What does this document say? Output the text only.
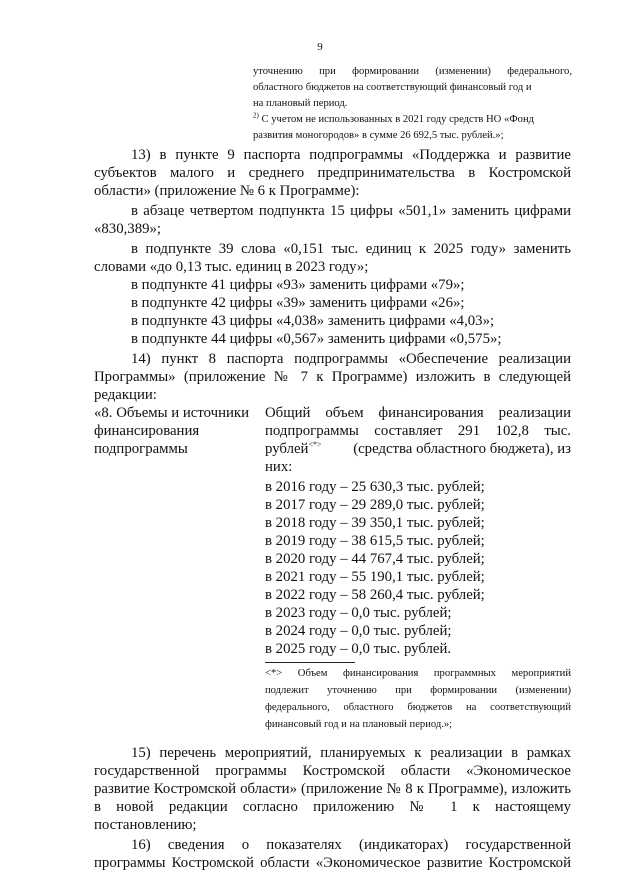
9
уточнению при формировании (изменении) федерального,
областного бюджетов на соответствующий финансовый год и
на плановый период.
$^{2)}$ С учетом не использованных в 2021 году средств НО «Фонд
развития моногородов» в сумме 26 692,5 тыс. рублей.»;
13) в пункте 9 паспорта подпрограммы «Поддержка и развитие
субъектов малого и среднего предпринимательства в Костромской
области» (приложение № 6 к Программе):
в абзаце четвертом подпункта 15 цифры «501,1» заменить цифрами
«830,389»;
в подпункте 39 слова «0,151 тыс. единиц к 2025 году» заменить
словами «до 0,13 тыс. единиц в 2023 году»;
в подпункте 41 цифры «93» заменить цифрами «79»;
в подпункте 42 цифры «39» заменить цифрами «26»;
в подпункте 43 цифры «4,038» заменить цифрами «4,03»;
в подпункте 44 цифры «0,567» заменить цифрами «0,575»;
14) пункт 8 паспорта подпрограммы «Обеспечение реализации
Программы» (приложение № 7 к Программе) изложить в следующей
редакции:
«8. Объемы и источники
финансирования
подпрограммы
Общий объем финансирования реализации
подпрограммы составляет 291 102,8 тыс.
рублей<*> (средства областного бюджета), из
них:
в 2016 году – 25 630,3 тыс. рублей;
в 2017 году – 29 289,0 тыс. рублей;
в 2018 году – 39 350,1 тыс. рублей;
в 2019 году – 38 615,5 тыс. рублей;
в 2020 году – 44 767,4 тыс. рублей;
в 2021 году – 55 190,1 тыс. рублей;
в 2022 году – 58 260,4 тыс. рублей;
в 2023 году – 0,0 тыс. рублей;
в 2024 году – 0,0 тыс. рублей;
в 2025 году – 0,0 тыс. рублей.
<*> Объем финансирования программных мероприятий
подлежит уточнению при формировании (изменении)
федерального, областного бюджетов на соответствующий
финансовый год и на плановый период.»;
15) перечень мероприятий, планируемых к реализации в рамках
государственной программы Костромской области «Экономическое
развитие Костромской области» (приложение № 8 к Программе), изложить
в новой редакции согласно приложению № 1 к настоящему
постановлению;
16) сведения о показателях (индикаторах) государственной
программы Костромской области «Экономическое развитие Костромской
